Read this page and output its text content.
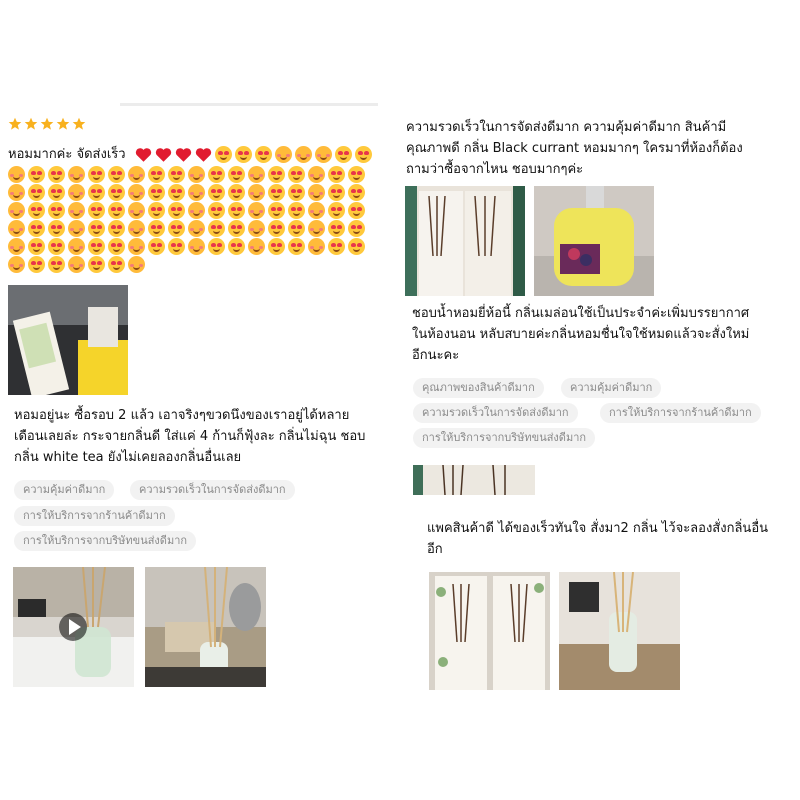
หอมมากค่ะ จัดส่งเร็ว
หอมอยู่นะ ซื้อรอบ 2 แล้ว เอาจริงๆขวดนึงของเราอยู่ได้หลาย
เดือนเลยล่ะ กระจายกลิ่นดี ใส่แค่ 4 ก้านก็ฟุ้งละ กลิ่นไม่ฉุน ชอบ
กลิ่น white tea ยังไม่เคยลองกลิ่นอื่นเลย
ความคุ้มค่าดีมาก	ความรวดเร็วในการจัดส่งดีมาก
การให้บริการจากร้านค้าดีมาก
การให้บริการจากบริษัทขนส่งดีมาก
ความรวดเร็วในการจัดส่งดีมาก ความคุ้มค่าดีมาก สินค้ามี
คุณภาพดี กลิ่น Black currant หอมมากๆ ใครมาที่ห้องก็ต้อง
ถามว่าซื้อจากไหน ชอบมากๆค่ะ
ชอบน้ำหอมยี่ห้อนี้ กลิ่นเมล่อนใช้เป็นประจำค่ะเพิ่มบรรยากาศ
ในห้องนอน หลับสบายค่ะกลิ่นหอมชื่นใจใช้หมดแล้วจะสั่งใหม่
อีกนะคะ
คุณภาพของสินค้าดีมาก	ความคุ้มค่าดีมาก
ความรวดเร็วในการจัดส่งดีมาก	การให้บริการจากร้านค้าดีมาก
การให้บริการจากบริษัทขนส่งดีมาก
แพคสินค้าดี ได้ของเร็วทันใจ สั่งมา2 กลิ่น ไว้จะลองสั่งกลิ่นอื่น
อีก
